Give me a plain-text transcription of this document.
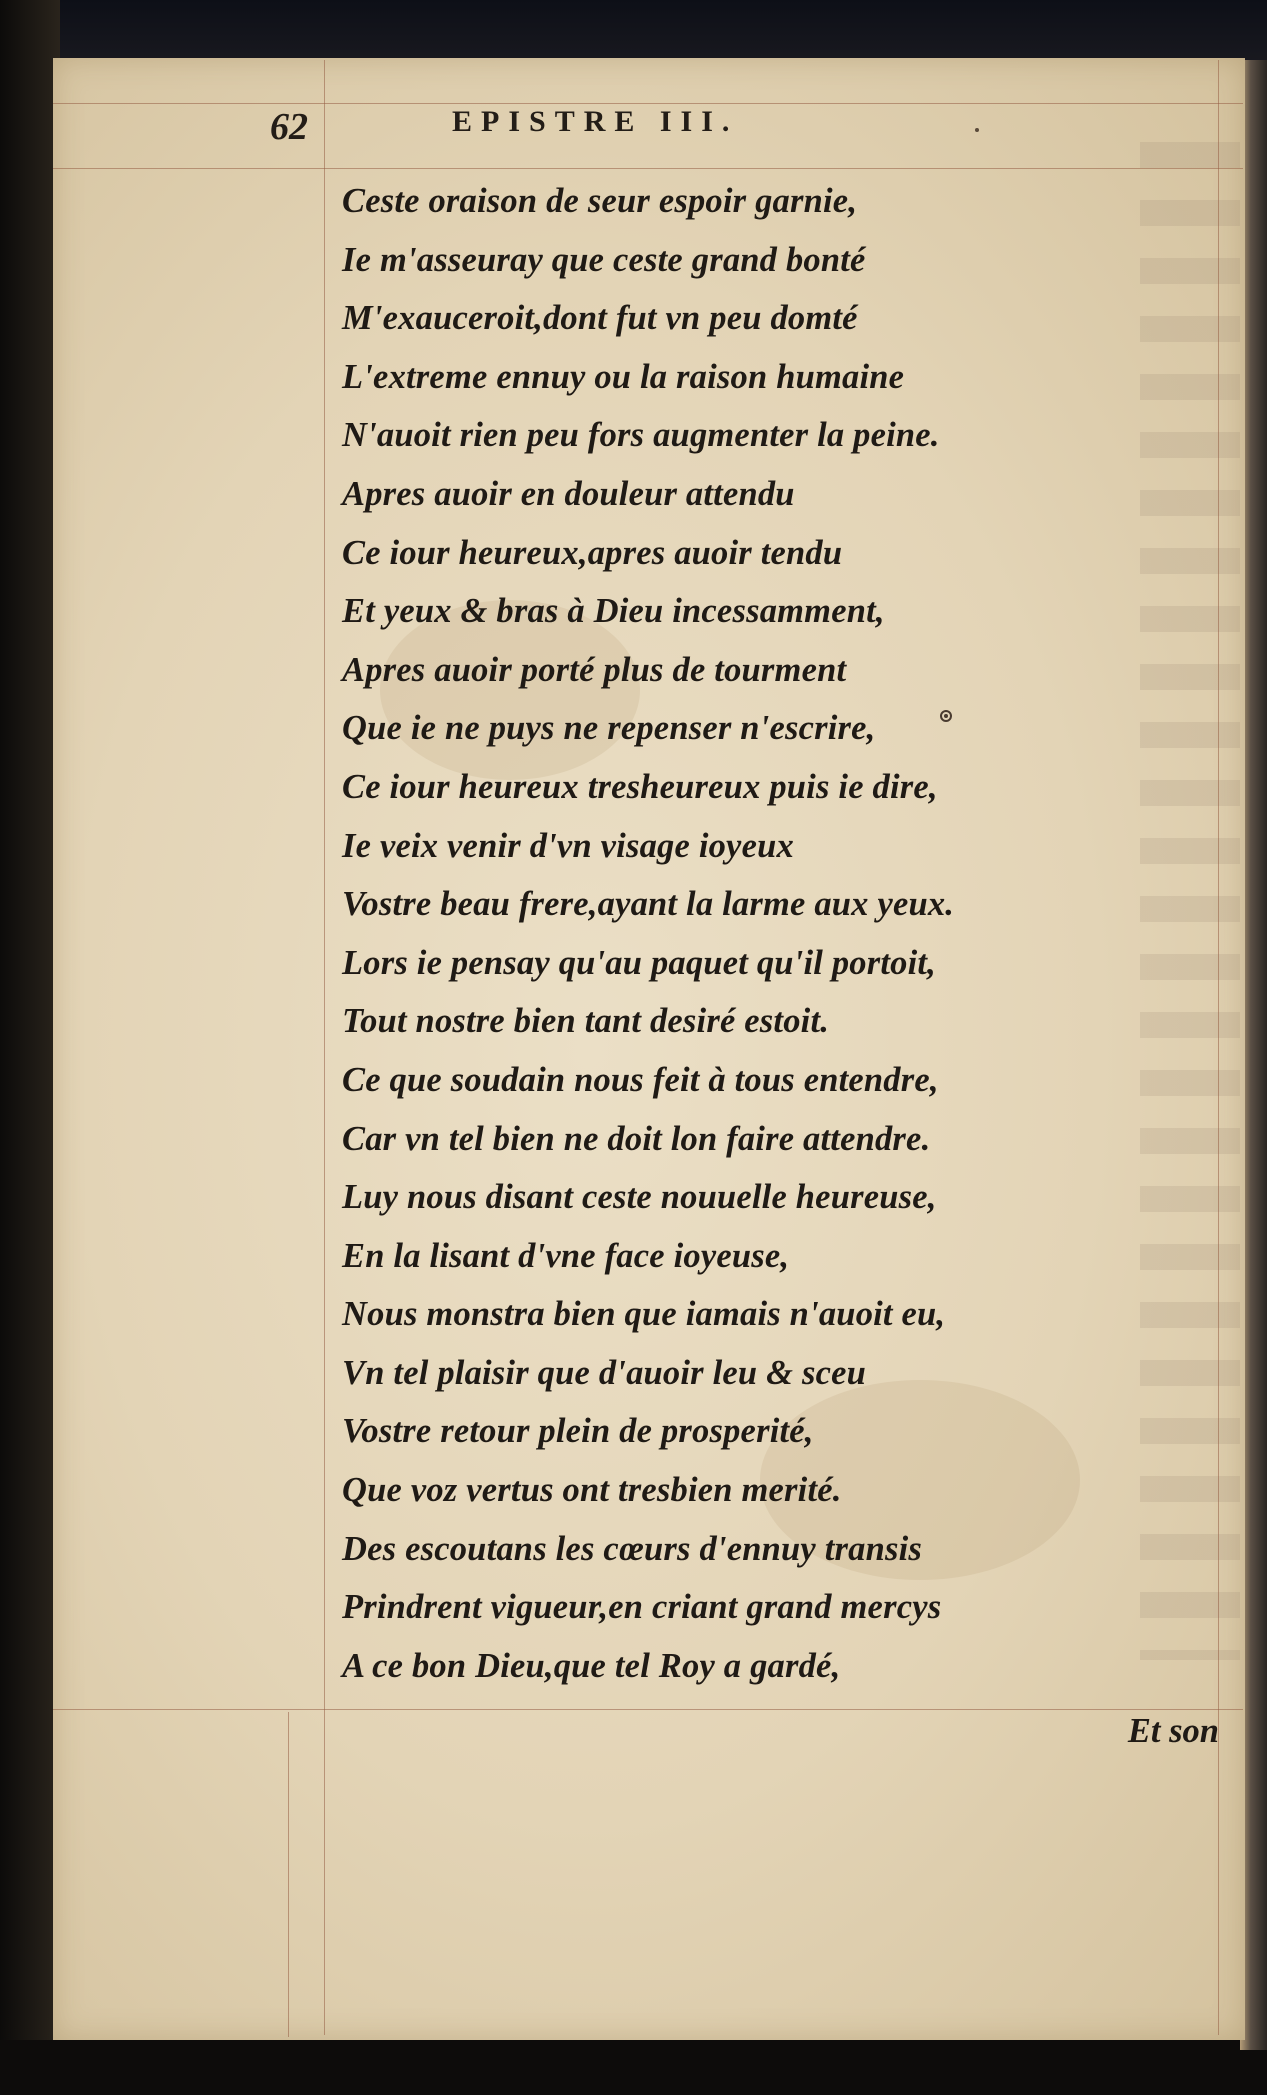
62	EPISTRE III.
Ceste oraison de seur espoir garnie,
Ie m'asseuray que ceste grand bonté
M'exauceroit,dont fut vn peu domté
L'extreme ennuy ou la raison humaine
N'auoit rien peu fors augmenter la peine.
Apres auoir en douleur attendu
Ce iour heureux,apres auoir tendu
Et yeux & bras à Dieu incessamment,
Apres auoir porté plus de tourment
Que ie ne puys ne repenser n'escrire,
Ce iour heureux tresheureux puis ie dire,
Ie veix venir d'vn visage ioyeux
Vostre beau frere,ayant la larme aux yeux.
Lors ie pensay qu'au paquet qu'il portoit,
Tout nostre bien tant desiré estoit.
Ce que soudain nous feit à tous entendre,
Car vn tel bien ne doit lon faire attendre.
Luy nous disant ceste nouuelle heureuse,
En la lisant d'vne face ioyeuse,
Nous monstra bien que iamais n'auoit eu,
Vn tel plaisir que d'auoir leu & sceu
Vostre retour plein de prosperité,
Que voz vertus ont tresbien merité.
Des escoutans les cœurs d'ennuy transis
Prindrent vigueur,en criant grand mercys
A ce bon Dieu,que tel Roy a gardé,
Et son
